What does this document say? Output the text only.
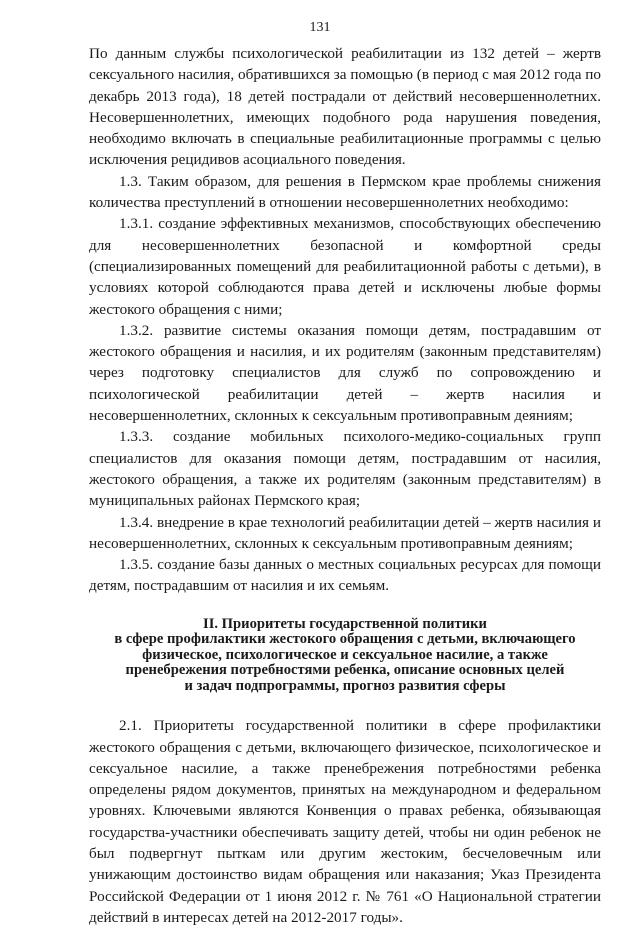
131

По данным службы психологической реабилитации из 132 детей – жертв сексуального насилия, обратившихся за помощью (в период с мая 2012 года по декабрь 2013 года), 18 детей пострадали от действий несовершеннолетних. Несовершеннолетних, имеющих подобного рода нарушения поведения, необходимо включать в специальные реабилитационные программы с целью исключения рецидивов асоциального поведения.

1.3. Таким образом, для решения в Пермском крае проблемы снижения количества преступлений в отношении несовершеннолетних необходимо:

1.3.1. создание эффективных механизмов, способствующих обеспечению для несовершеннолетних безопасной и комфортной среды (специализированных помещений для реабилитационной работы с детьми), в условиях которой соблюдаются права детей и исключены любые формы жестокого обращения с ними;

1.3.2. развитие системы оказания помощи детям, пострадавшим от жестокого обращения и насилия, и их родителям (законным представителям) через подготовку специалистов для служб по сопровождению и психологической реабилитации детей – жертв насилия и несовершеннолетних, склонных к сексуальным противоправным деяниям;

1.3.3. создание мобильных психолого-медико-социальных групп специалистов для оказания помощи детям, пострадавшим от насилия, жестокого обращения, а также их родителям (законным представителям) в муниципальных районах Пермского края;

1.3.4. внедрение в крае технологий реабилитации детей – жертв насилия и несовершеннолетних, склонных к сексуальным противоправным деяниям;

1.3.5. создание базы данных о местных социальных ресурсах для помощи детям, пострадавшим от насилия и их семьям.

II. Приоритеты государственной политики
в сфере профилактики жестокого обращения с детьми, включающего
физическое, психологическое и сексуальное насилие, а также
пренебрежения потребностями ребенка, описание основных целей
и задач подпрограммы, прогноз развития сферы

2.1. Приоритеты государственной политики в сфере профилактики жестокого обращения с детьми, включающего физическое, психологическое и сексуальное насилие, а также пренебрежения потребностями ребенка определены рядом документов, принятых на международном и федеральном уровнях. Ключевыми являются Конвенция о правах ребенка, обязывающая государства-участники обеспечивать защиту детей, чтобы ни один ребенок не был подвергнут пыткам или другим жестоким, бесчеловечным или унижающим достоинство видам обращения или наказания; Указ Президента Российской Федерации от 1 июня 2012 г. № 761 «О Национальной стратегии действий в интересах детей на 2012-2017 годы».
